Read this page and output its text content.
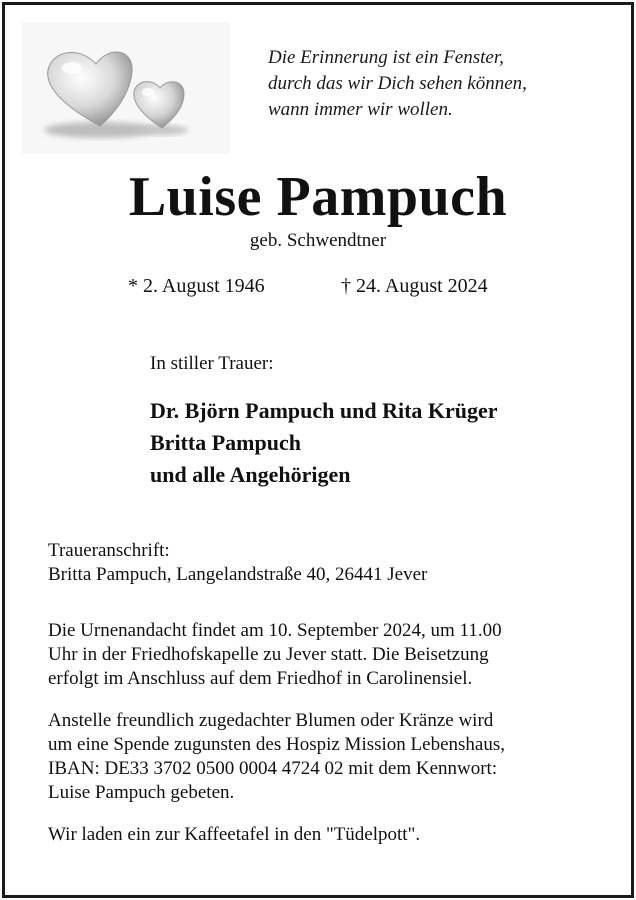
Die Erinnerung ist ein Fenster,
durch das wir Dich sehen können,
wann immer wir wollen.
Luise Pampuch
geb. Schwendtner
* 2. August 1946	† 24. August 2024
In stiller Trauer:
Dr. Björn Pampuch und Rita Krüger
Britta Pampuch
und alle Angehörigen
Traueranschrift:
Britta Pampuch, Langelandstraße 40, 26441 Jever
Die Urnenandacht findet am 10. September 2024, um 11.00
Uhr in der Friedhofskapelle zu Jever statt. Die Beisetzung
erfolgt im Anschluss auf dem Friedhof in Carolinensiel.
Anstelle freundlich zugedachter Blumen oder Kränze wird
um eine Spende zugunsten des Hospiz Mission Lebenshaus,
IBAN: DE33 3702 0500 0004 4724 02 mit dem Kennwort:
Luise Pampuch gebeten.
Wir laden ein zur Kaffeetafel in den "Tüdelpott".
